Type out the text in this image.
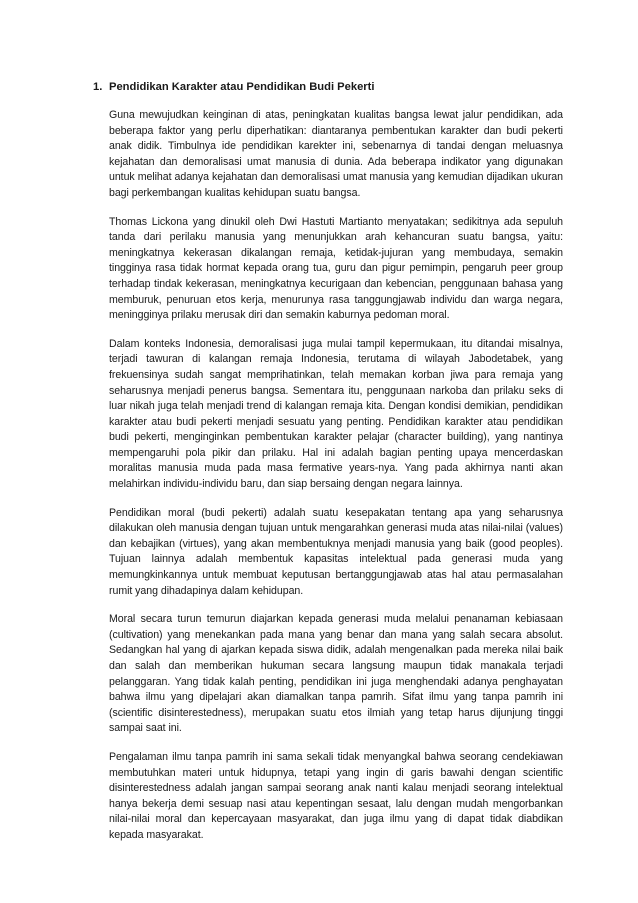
1. Pendidikan Karakter atau Pendidikan Budi Pekerti

Guna mewujudkan keinginan di atas, peningkatan kualitas bangsa lewat jalur pendidikan, ada beberapa faktor yang perlu diperhatikan: diantaranya pembentukan karakter dan budi pekerti anak didik. Timbulnya ide pendidikan karekter ini, sebenarnya di tandai dengan meluasnya kejahatan dan demoralisasi umat manusia di dunia. Ada beberapa indikator yang digunakan untuk melihat adanya kejahatan dan demoralisasi umat manusia yang kemudian dijadikan ukuran bagi perkembangan kualitas kehidupan suatu bangsa.

Thomas Lickona yang dinukil oleh Dwi Hastuti Martianto menyatakan; sedikitnya ada sepuluh tanda dari perilaku manusia yang menunjukkan arah kehancuran suatu bangsa, yaitu: meningkatnya kekerasan dikalangan remaja, ketidak-jujuran yang membudaya, semakin tingginya rasa tidak hormat kepada orang tua, guru dan pigur pemimpin, pengaruh peer group terhadap tindak kekerasan, meningkatnya kecurigaan dan kebencian, penggunaan bahasa yang memburuk, penuruan etos kerja, menurunya rasa tanggungjawab individu dan warga negara, meningginya prilaku merusak diri dan semakin kaburnya pedoman moral.

Dalam konteks Indonesia, demoralisasi juga mulai tampil kepermukaan, itu ditandai misalnya, terjadi tawuran di kalangan remaja Indonesia, terutama di wilayah Jabodetabek, yang frekuensinya sudah sangat memprihatinkan, telah memakan korban jiwa para remaja yang seharusnya menjadi penerus bangsa. Sementara itu, penggunaan narkoba dan prilaku seks di luar nikah juga telah menjadi trend di kalangan remaja kita. Dengan kondisi demikian, pendidikan karakter atau budi pekerti menjadi sesuatu yang penting. Pendidikan karakter atau pendidikan budi pekerti, menginginkan pembentukan karakter pelajar (character building), yang nantinya mempengaruhi pola pikir dan prilaku. Hal ini adalah bagian penting upaya mencerdaskan moralitas manusia muda pada masa fermative years-nya. Yang pada akhirnya nanti akan melahirkan individu-individu baru, dan siap bersaing dengan negara lainnya.

Pendidikan moral (budi pekerti) adalah suatu kesepakatan tentang apa yang seharusnya dilakukan oleh manusia dengan tujuan untuk mengarahkan generasi muda atas nilai-nilai (values) dan kebajikan (virtues), yang akan membentuknya menjadi manusia yang baik (good peoples). Tujuan lainnya adalah membentuk kapasitas intelektual pada generasi muda yang memungkinkannya untuk membuat keputusan bertanggungjawab atas hal atau permasalahan rumit yang dihadapinya dalam kehidupan.

Moral secara turun temurun diajarkan kepada generasi muda melalui penanaman kebiasaan (cultivation) yang menekankan pada mana yang benar dan mana yang salah secara absolut. Sedangkan hal yang di ajarkan kepada siswa didik, adalah mengenalkan pada mereka nilai baik dan salah dan memberikan hukuman secara langsung maupun tidak manakala terjadi pelanggaran. Yang tidak kalah penting, pendidikan ini juga menghendaki adanya penghayatan bahwa ilmu yang dipelajari akan diamalkan tanpa pamrih. Sifat ilmu yang tanpa pamrih ini (scientific disinterestedness), merupakan suatu etos ilmiah yang tetap harus dijunjung tinggi sampai saat ini.

Pengalaman ilmu tanpa pamrih ini sama sekali tidak menyangkal bahwa seorang cendekiawan membutuhkan materi untuk hidupnya, tetapi yang ingin di garis bawahi dengan scientific disinterestedness adalah jangan sampai seorang anak nanti kalau menjadi seorang intelektual hanya bekerja demi sesuap nasi atau kepentingan sesaat, lalu dengan mudah mengorbankan nilai-nilai moral dan kepercayaan masyarakat, dan juga ilmu yang di dapat tidak diabdikan kepada masyarakat.
